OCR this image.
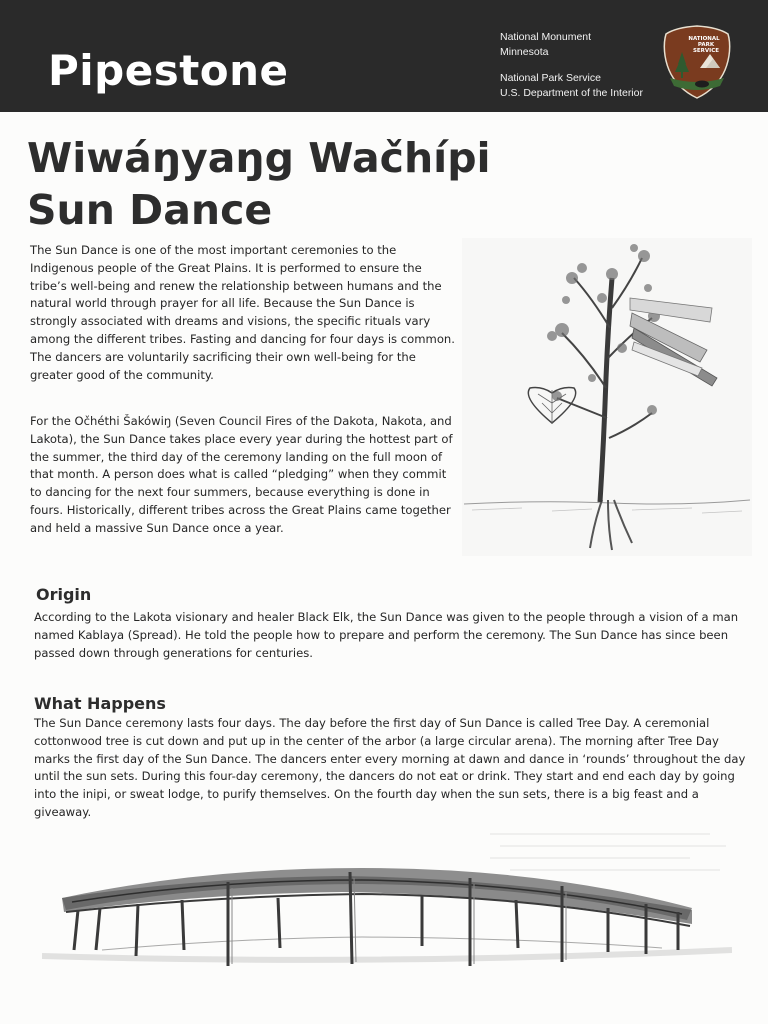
Pipestone
National Monument
Minnesota
National Park Service
U.S. Department of the Interior
NATIONAL
PARK
SERVICE
Wiwáŋyaŋg Wačhípi
Sun Dance

The Sun Dance is one of the most important ceremonies to the Indigenous people of the Great Plains. It is performed to ensure the tribe’s well-being and renew the relationship between humans and the natural world through prayer for all life. Because the Sun Dance is strongly associated with dreams and visions, the specific rituals vary among the different tribes. Fasting and dancing for four days is common. The dancers are voluntarily sacrificing their own well-being for the greater good of the community.

For the Očhéthi Šakówiŋ (Seven Council Fires of the Dakota, Nakota, and Lakota), the Sun Dance takes place every year during the hottest part of the summer, the third day of the ceremony landing on the full moon of that month. A person does what is called “pledging” when they commit to dancing for the next four summers, because everything is done in fours. Historically, different tribes across the Great Plains came together and held a massive Sun Dance once a year.

Origin

According to the Lakota visionary and healer Black Elk, the Sun Dance was given to the people through a vision of a man named Kablaya (Spread). He told the people how to prepare and perform the ceremony. The Sun Dance has since been passed down through generations for centuries.

What Happens

The Sun Dance ceremony lasts four days. The day before the first day of Sun Dance is called Tree Day. A ceremonial cottonwood tree is cut down and put up in the center of the arbor (a large circular arena). The morning after Tree Day marks the first day of the Sun Dance. The dancers enter every morning at dawn and dance in ‘rounds’ throughout the day until the sun sets. During this four-day ceremony, the dancers do not eat or drink. They start and end each day by going into the inipi, or sweat lodge, to purify themselves. On the fourth day when the sun sets, there is a big feast and a giveaway.
